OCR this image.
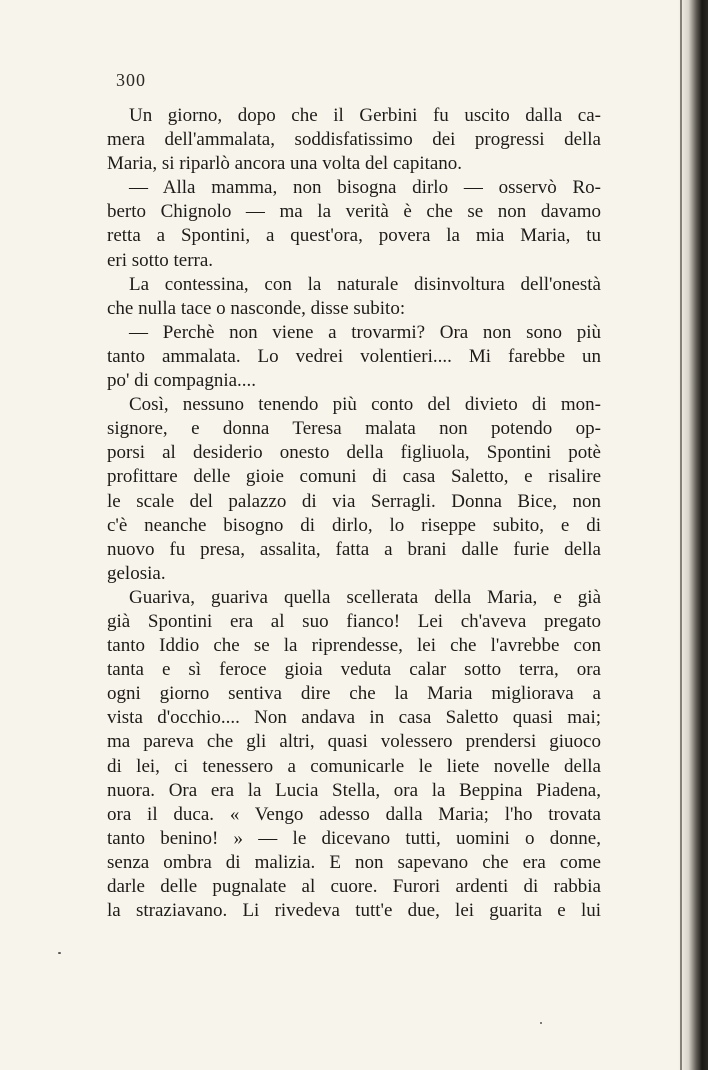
300
Un giorno, dopo che il Gerbini fu uscito dalla ca-
mera dell'ammalata, soddisfatissimo dei progressi della
Maria, si riparlò ancora una volta del capitano.
— Alla mamma, non bisogna dirlo — osservò Ro-
berto Chignolo — ma la verità è che se non davamo
retta a Spontini, a quest'ora, povera la mia Maria, tu
eri sotto terra.
La contessina, con la naturale disinvoltura dell'onestà
che nulla tace o nasconde, disse subito:
— Perchè non viene a trovarmi? Ora non sono più
tanto ammalata. Lo vedrei volentieri.... Mi farebbe un
po' di compagnia....
Così, nessuno tenendo più conto del divieto di mon-
signore, e donna Teresa malata non potendo op-
porsi al desiderio onesto della figliuola, Spontini potè
profittare delle gioie comuni di casa Saletto, e risalire
le scale del palazzo di via Serragli. Donna Bice, non
c'è neanche bisogno di dirlo, lo riseppe subito, e di
nuovo fu presa, assalita, fatta a brani dalle furie della
gelosia.
Guariva, guariva quella scellerata della Maria, e già
già Spontini era al suo fianco! Lei ch'aveva pregato
tanto Iddio che se la riprendesse, lei che l'avrebbe con
tanta e sì feroce gioia veduta calar sotto terra, ora
ogni giorno sentiva dire che la Maria migliorava a
vista d'occhio.... Non andava in casa Saletto quasi mai;
ma pareva che gli altri, quasi volessero prendersi giuoco
di lei, ci tenessero a comunicarle le liete novelle della
nuora. Ora era la Lucia Stella, ora la Beppina Piadena,
ora il duca. « Vengo adesso dalla Maria; l'ho trovata
tanto benino! » — le dicevano tutti, uomini o donne,
senza ombra di malizia. E non sapevano che era come
darle delle pugnalate al cuore. Furori ardenti di rabbia
la straziavano. Li rivedeva tutt'e due, lei guarita e lui
